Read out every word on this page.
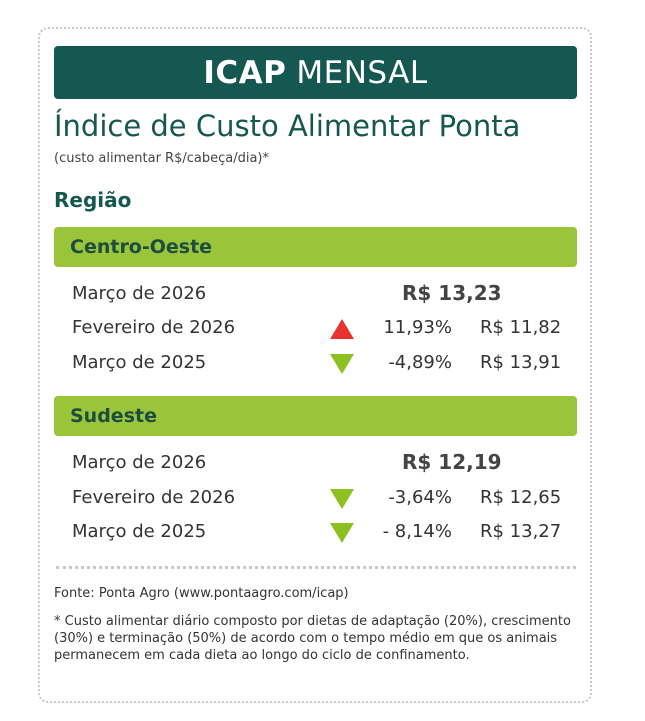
ICAP MENSAL
Índice de Custo Alimentar Ponta
(custo alimentar R$/cabeça/dia)*
Região
Centro-Oeste
Março de 2026	R$ 13,23
Fevereiro de 2026	11,93% R$ 11,82
Março de 2025	-4,89% R$ 13,91
Sudeste
Março de 2026	R$ 12,19
Fevereiro de 2026	-3,64% R$ 12,65
Março de 2025	- 8,14% R$ 13,27
Fonte: Ponta Agro (www.pontaagro.com/icap)
* Custo alimentar diário composto por dietas de adaptação (20%), crescimento (30%) e terminação (50%) de acordo com o tempo médio em que os animais permanecem em cada dieta ao longo do ciclo de confinamento.
